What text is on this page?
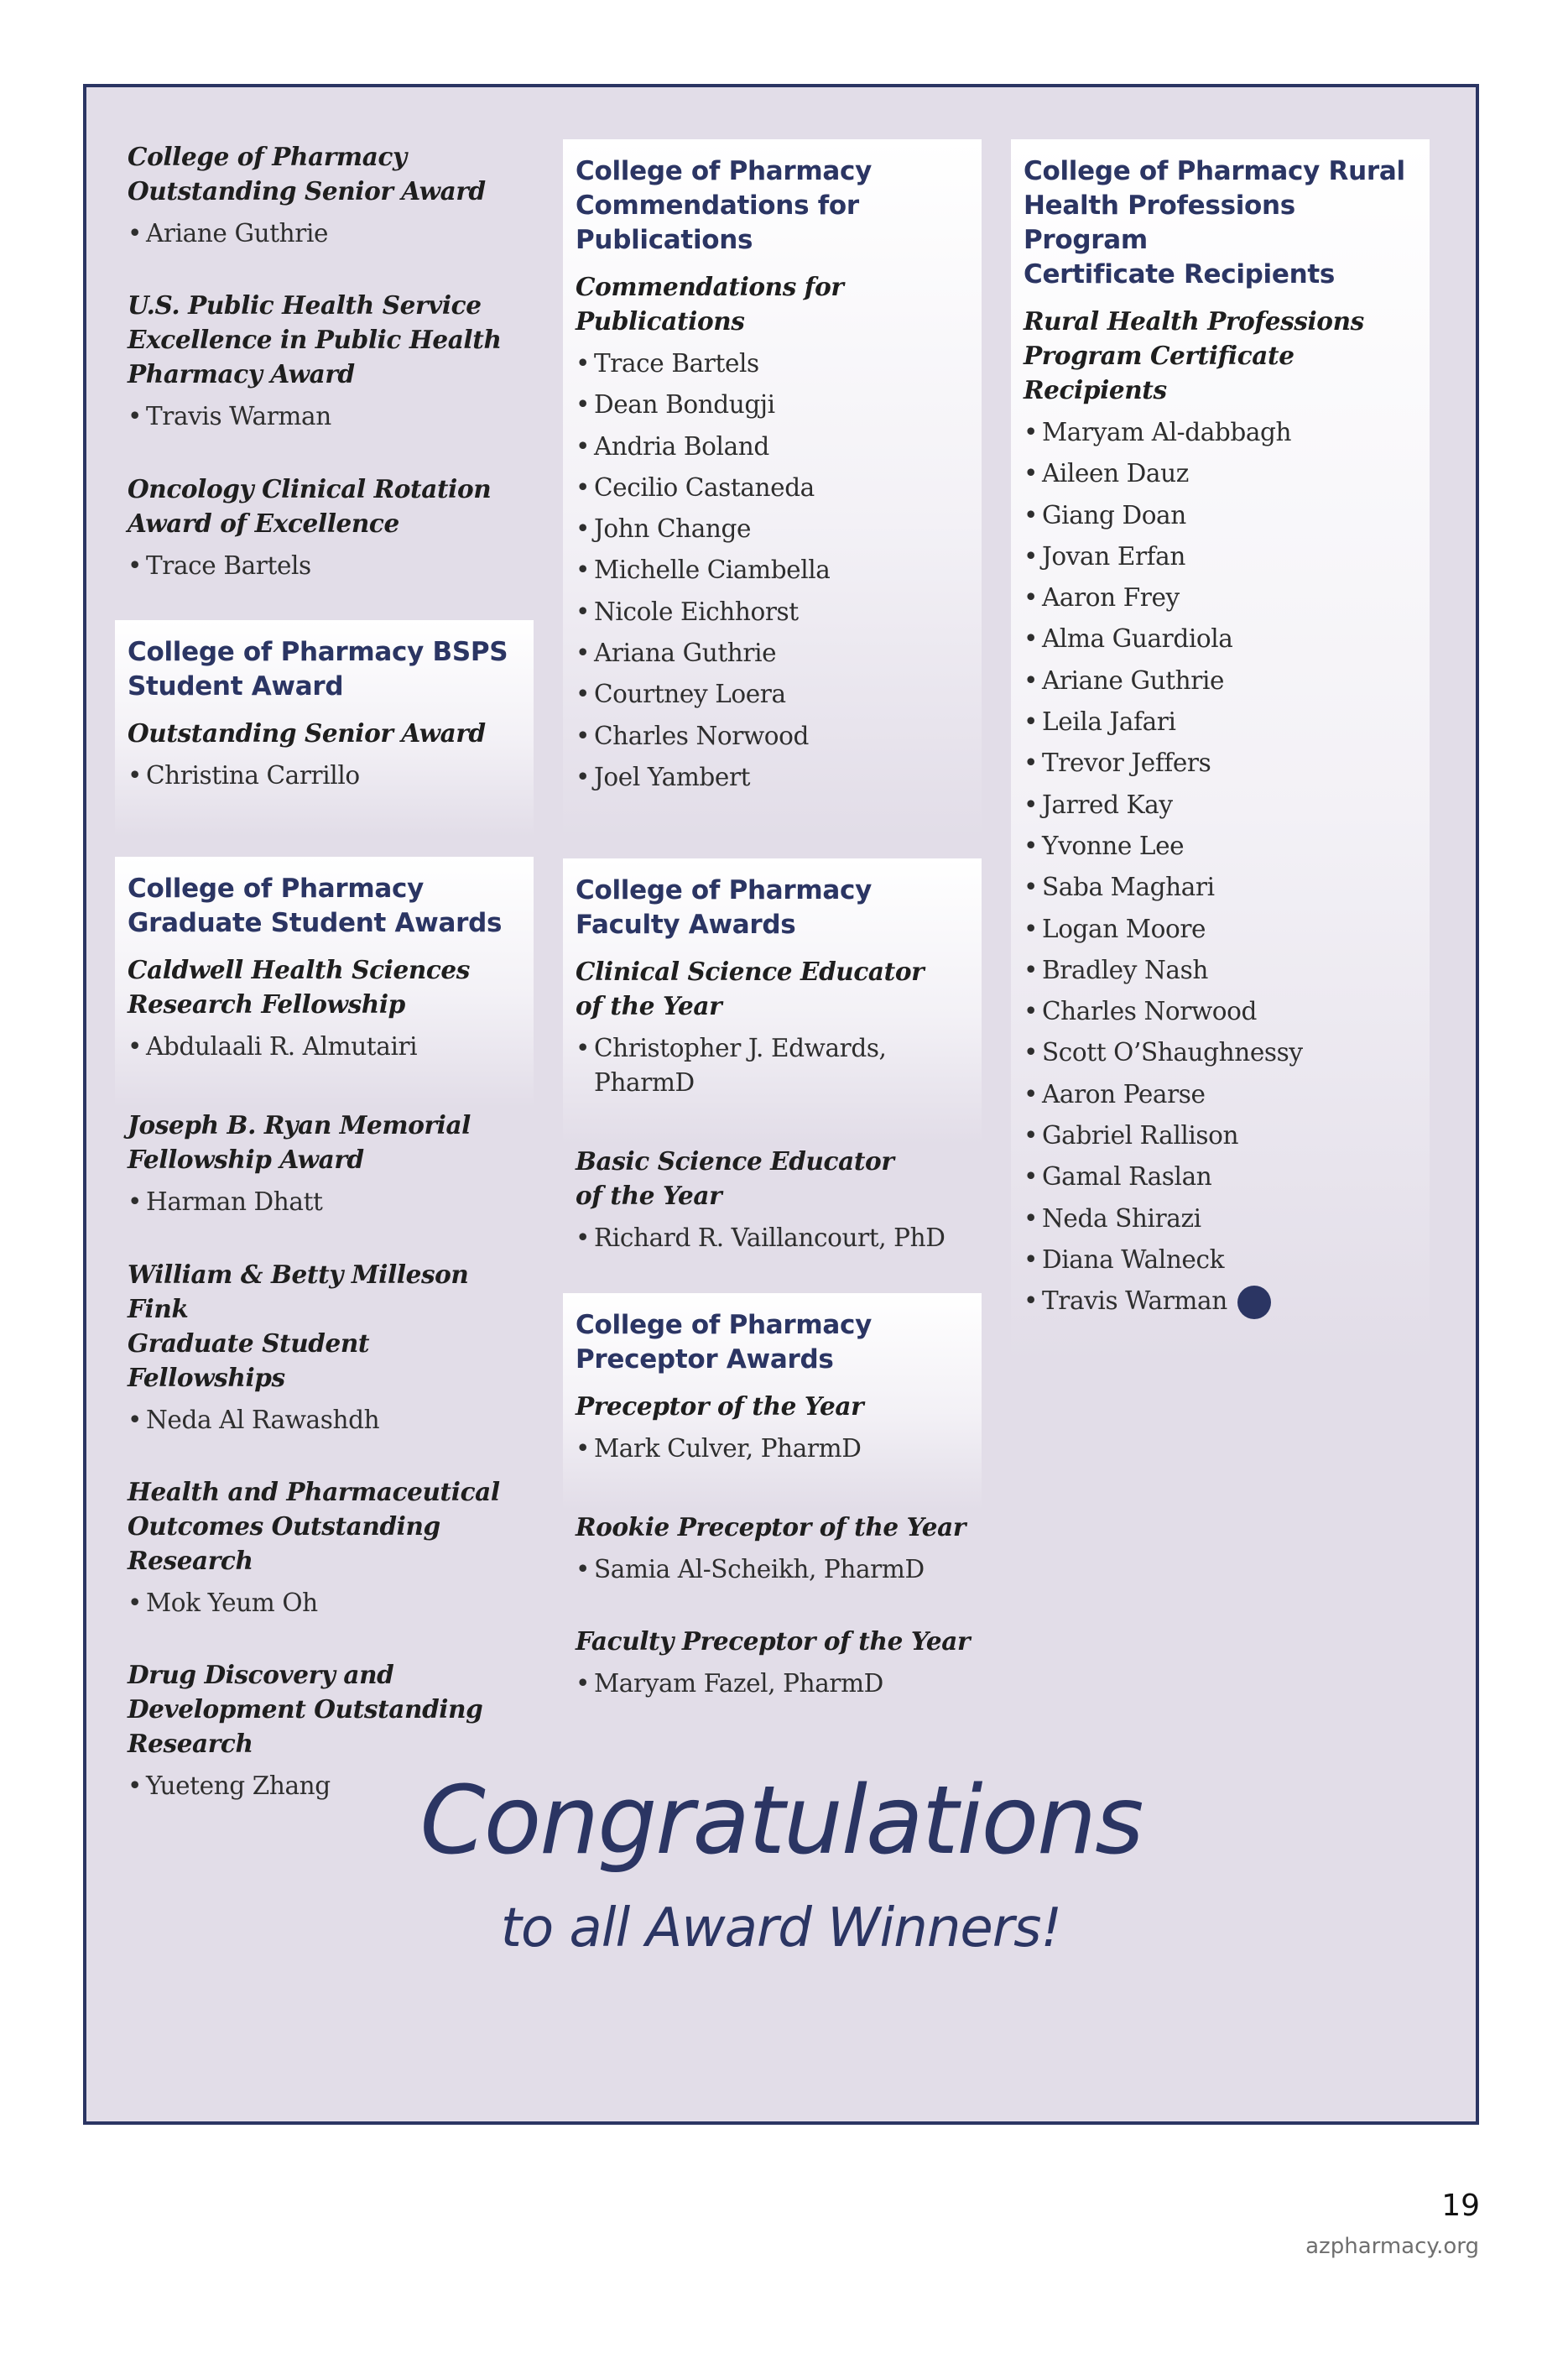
College of Pharmacy
Outstanding Senior Award
• Ariane Guthrie
U.S. Public Health Service
Excellence in Public Health
Pharmacy Award
• Travis Warman
Oncology Clinical Rotation
Award of Excellence
• Trace Bartels
College of Pharmacy BSPS
Student Award
Outstanding Senior Award
• Christina Carrillo
College of Pharmacy
Graduate Student Awards
Caldwell Health Sciences
Research Fellowship
• Abdulaali R. Almutairi
Joseph B. Ryan Memorial
Fellowship Award
• Harman Dhatt
William & Betty Milleson Fink
Graduate Student Fellowships
• Neda Al Rawashdh
Health and Pharmaceutical
Outcomes Outstanding
Research
• Mok Yeum Oh
Drug Discovery and
Development Outstanding
Research
• Yueteng Zhang
College of Pharmacy
Commendations for
Publications
Commendations for
Publications
• Trace Bartels
• Dean Bondugji
• Andria Boland
• Cecilio Castaneda
• John Change
• Michelle Ciambella
• Nicole Eichhorst
• Ariana Guthrie
• Courtney Loera
• Charles Norwood
• Joel Yambert
College of Pharmacy
Faculty Awards
Clinical Science Educator
of the Year
• Christopher J. Edwards,
PharmD
Basic Science Educator
of the Year
• Richard R. Vaillancourt, PhD
College of Pharmacy
Preceptor Awards
Preceptor of the Year
• Mark Culver, PharmD
Rookie Preceptor of the Year
• Samia Al-Scheikh, PharmD
Faculty Preceptor of the Year
• Maryam Fazel, PharmD
College of Pharmacy Rural
Health Professions Program
Certificate Recipients
Rural Health Professions
Program Certificate Recipients
• Maryam Al-dabbagh
• Aileen Dauz
• Giang Doan
• Jovan Erfan
• Aaron Frey
• Alma Guardiola
• Ariane Guthrie
• Leila Jafari
• Trevor Jeffers
• Jarred Kay
• Yvonne Lee
• Saba Maghari
• Logan Moore
• Bradley Nash
• Charles Norwood
• Scott O’Shaughnessy
• Aaron Pearse
• Gabriel Rallison
• Gamal Raslan
• Neda Shirazi
• Diana Walneck
• Travis Warman
Congratulations
to all Award Winners!
19
azpharmacy.org
